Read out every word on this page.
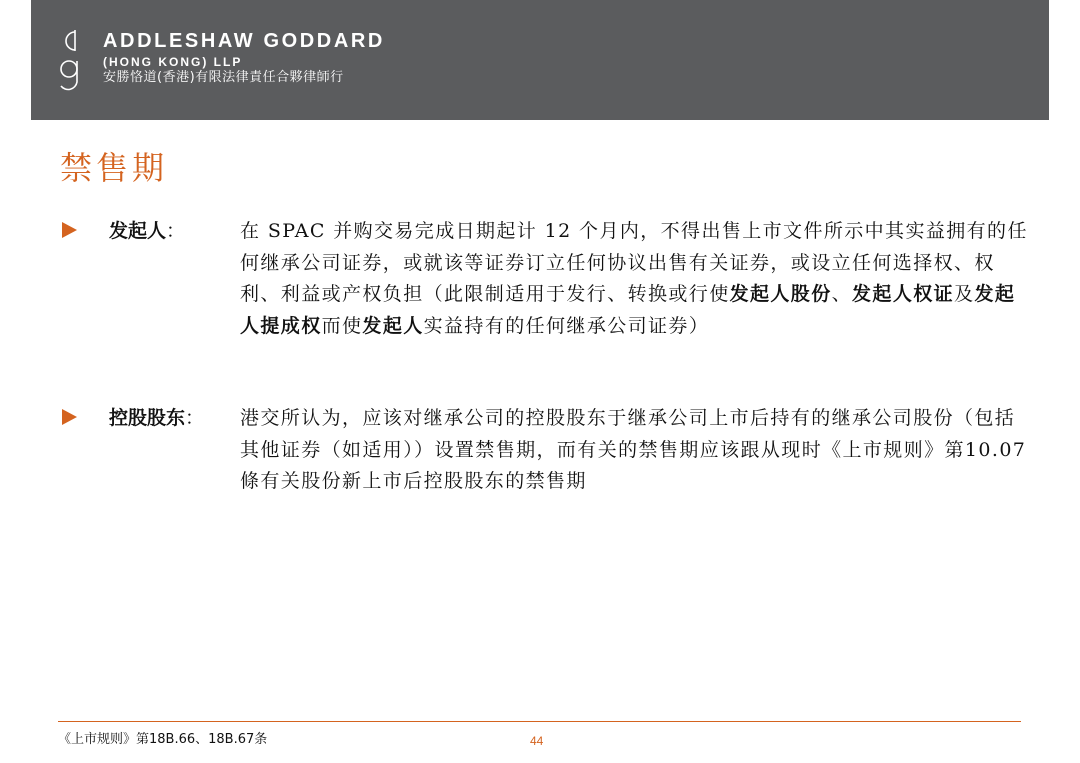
ADDLESHAW GODDARD
(HONG KONG) LLP
安勝恪道(香港)有限法律責任合夥律師行
禁售期
发起人：	在 SPAC 并购交易完成日期起计 12 个月内，不得出售上市文件所示中其实益拥有的任何继承公司证券，或就该等证券订立任何协议出售有关证券，或设立任何选择权、权利、利益或产权负担（此限制适用于发行、转换或行使发起人股份、发起人权证及发起人提成权而使发起人实益持有的任何继承公司证券）
控股股东： 港交所认为，应该对继承公司的控股股东于继承公司上市后持有的继承公司股份（包括其他证券（如适用））设置禁售期，而有关的禁售期应该跟从现时《上市规则》第10.07 條有关股份新上市后控股股东的禁售期
《上市规则》第18B.66、18B.67条	44
